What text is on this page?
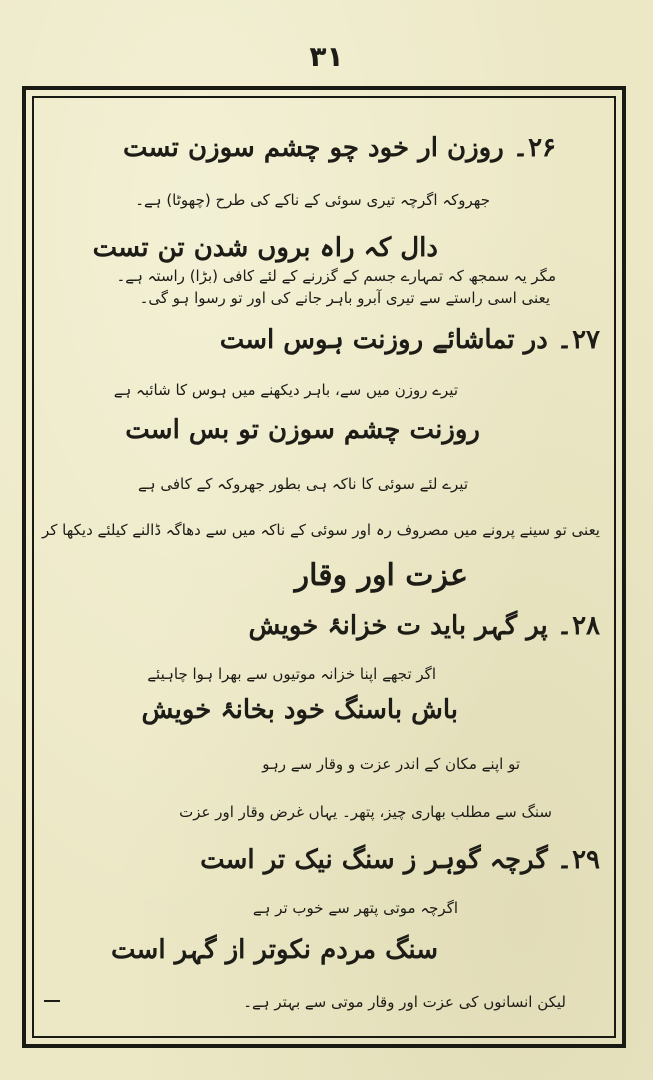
۳۱
۲۶۔ روزن ار خود چو چشم سوزن تست
جھروکہ اگرچہ تیری سوئی کے ناکے کی طرح (چھوٹا) ہے۔
دال کہ راہ بروں شدن تن تست
مگر یہ سمجھ کہ تمہارے جسم کے گزرنے کے لئے کافی (بڑا) راستہ ہے۔
یعنی اسی راستے سے تیری آبرو باہر جانے کی اور تو رسوا ہو گی۔
۲۷۔ در تماشائے روزنت ہوس است
تیرے روزن میں سے، باہر دیکھنے میں ہوس کا شائبہ ہے
روزنت چشم سوزن تو بس است
تیرے لئے سوئی کا ناکہ ہی بطور جھروکہ کے کافی ہے
یعنی تو سینے پرونے میں مصروف رہ اور سوئی کے ناکہ میں سے دھاگہ ڈالنے کیلئے دیکھا کر
عزت اور وقار
۲۸۔ پر گہر باید ت خزانۂ خویش
اگر تجھے اپنا خزانہ موتیوں سے بھرا ہوا چاہیئے
باش باسنگ خود بخانۂ خویش
تو اپنے مکان کے اندر عزت و وقار سے رہو
سنگ سے مطلب بھاری چیز، پتھر۔ یہاں غرض وقار اور عزت
۲۹۔ گرچہ گوہر ز سنگ نیک تر است
اگرچہ موتی پتھر سے خوب تر ہے
سنگ مردم نکوتر از گہر است
لیکن انسانوں کی عزت اور وقار موتی سے بہتر ہے۔
